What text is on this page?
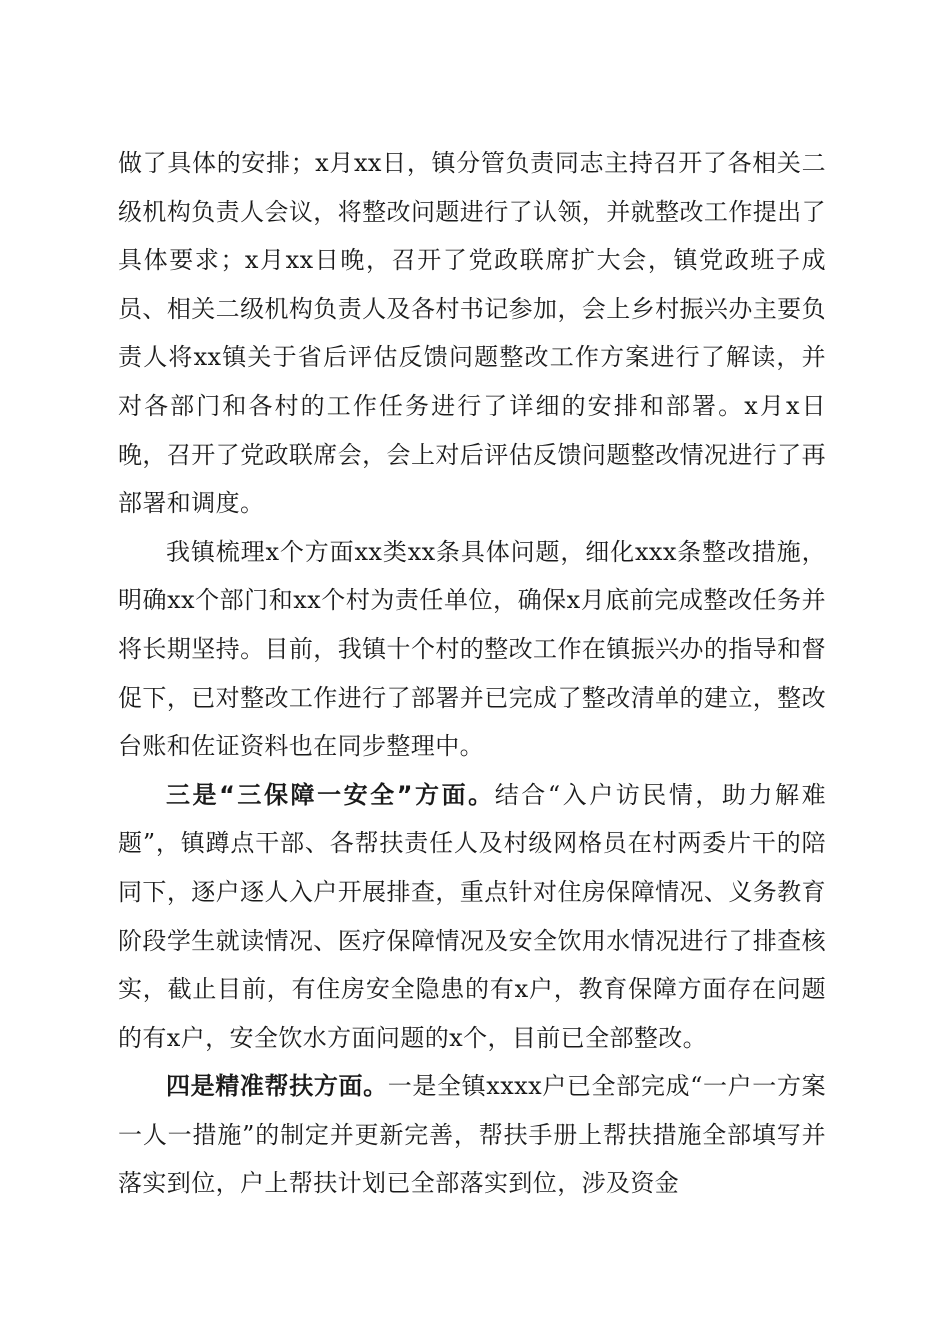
做了具体的安排；x月xx日，镇分管负责同志主持召开了各相关二级机构负责人会议，将整改问题进行了认领，并就整改工作提出了具体要求；x月xx日晚，召开了党政联席扩大会，镇党政班子成员、相关二级机构负责人及各村书记参加，会上乡村振兴办主要负责人将xx镇关于省后评估反馈问题整改工作方案进行了解读，并对各部门和各村的工作任务进行了详细的安排和部署。x月x日晚，召开了党政联席会，会上对后评估反馈问题整改情况进行了再部署和调度。

我镇梳理x个方面xx类xx条具体问题，细化xxx条整改措施，明确xx个部门和xx个村为责任单位，确保x月底前完成整改任务并将长期坚持。目前，我镇十个村的整改工作在镇振兴办的指导和督促下，已对整改工作进行了部署并已完成了整改清单的建立，整改台账和佐证资料也在同步整理中。

三是“三保障一安全”方面。结合“入户访民情，助力解难题”，镇蹲点干部、各帮扶责任人及村级网格员在村两委片干的陪同下，逐户逐人入户开展排查，重点针对住房保障情况、义务教育阶段学生就读情况、医疗保障情况及安全饮用水情况进行了排查核实，截止目前，有住房安全隐患的有x户，教育保障方面存在问题的有x户，安全饮水方面问题的x个，目前已全部整改。

四是精准帮扶方面。一是全镇xxxx户已全部完成“一户一方案一人一措施”的制定并更新完善，帮扶手册上帮扶措施全部填写并落实到位，户上帮扶计划已全部落实到位，涉及资金
